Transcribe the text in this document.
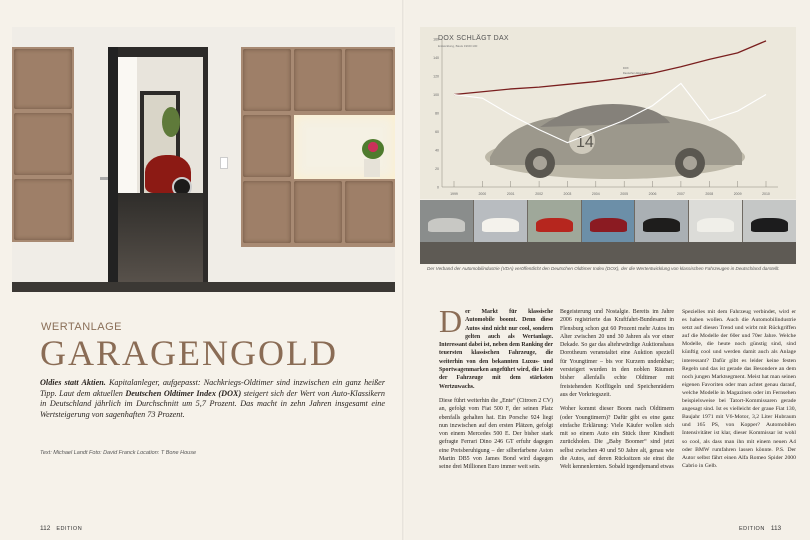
WERTANLAGE
GARAGENGOLD
Oldies statt Aktien. Kapitalanleger, aufgepasst: Nachkriegs-Oldtimer sind inzwischen ein ganz heißer Tipp. Laut dem aktuellen Deutschen Oldtimer Index (DOX) steigert sich der Wert von Auto-Klassikern in Deutschland jährlich im Durchschnitt um 5,7 Prozent. Das macht in zehn Jahren insgesamt eine Wertsteigerung von sagenhaften 73 Prozent.
Text: Michael Landt Foto: David Franck Location: T Bone House
112 EDITION
14
0
20
40
60
80
100
120
140
160
1999	2000	2001	2002	2003	2004	2005	2006	2007	2008	2009	2010
DOX SCHLÄGT DAX
Entwicklung, Basis 1999=100
DOX
Deutscher Aktienindex
Der Verband der Automobilindustrie (VDA) veröffentlicht den Deutschen Oldtimer Index (DOX), der die Wertentwicklung von klassischen Fahrzeugen in Deutschland darstellt.

Der Markt für klassische Automobile boomt. Denn diese Autos sind nicht nur cool, sondern gelten auch als Wertanlage. Interessant dabei ist, neben dem Ranking der teuersten klassischen Fahrzeuge, die weiterhin von den bekannten Luxus- und Sportwagenmarken angeführt wird, die Liste der Fahrzeuge mit dem stärksten Wertzuwachs.

Diese führt weiterhin die „Ente“ (Citroen 2 CV) an, gefolgt vom Fiat 500 F, der seinen Platz ebenfalls gehalten hat. Ein Porsche 924 liegt nun inzwischen auf den ersten Plätzen, gefolgt von einem Mercedes 500 E. Der bisher stark gefragte Ferrari Dino 246 GT erfuhr dagegen eine Preisberuhigung – der silberfarbene Aston Martin DB5 von James Bond wird dagegen seine drei Millionen Euro immer weit sein.

Begeisterung und Nostalgie. Bereits im Jahre 2006 registrierte das Kraftfahrt-Bundesamt in Flensburg schon gut 60 Prozent mehr Autos im Alter zwischen 20 und 30 Jahren als vor einer Dekade. So gar das altehrwürdige Auktionshaus Dorotheum veranstaltet eine Auktion speziell für Youngtimer – bis vor Kurzem undenkbar; versteigert wurden in den noblen Räumen bisher allenfalls echte Oldtimer mit freistehenden Kotflügeln und Speichenrädern aus der Vorkriegszeit.

Woher kommt dieser Boom nach Oldtimern (oder Youngtimern)? Dafür gibt es eine ganz einfache Erklärung: Viele Käufer wollen sich mit so einem Auto ein Stück ihrer Kindheit zurückholen. Die „Baby Boomer“ sind jetzt selbst zwischen 40 und 50 Jahre alt, genau wie die Autos, auf deren Rücksitzen sie einst die Welt kennenlernten. Sobald irgendjemand etwas

Spezielles mit dem Fahrzeug verbindet, wird er es haben wollen. Auch die Automobilindustrie setzt auf diesen Trend und wirbt mit Rückgriffen auf die Modelle der 60er und 70er Jahre. Welche Modelle, die heute noch günstig sind, sind künftig cool und werden damit auch als Anlage interessant? Dafür gibt es leider keine festen Regeln und das ist gerade das Besondere an dem noch jungen Marktsegment. Meist hat man seinen eigenen Favoriten oder man achtet genau darauf, welche Modelle in Magazinen oder im Fernsehen beispielsweise bei Tatort-Kommissaren gerade angesagt sind. Ist es vielleicht der graue Fiat 130, Baujahr 1971 mit V6-Motor, 3,2 Liter Hubraum und 165 PS, von Kopper? Automobilen Intensivitäter ist klar, dieser Kommissar ist wohl so cool, als dass man ihn mit einem neuen A4 oder BMW rumfahren lassen könnte. P.S. Der Autor selbst fährt einen Alfa Romeo Spider 2000 Cabrio in Gelb.

EDITION 113
